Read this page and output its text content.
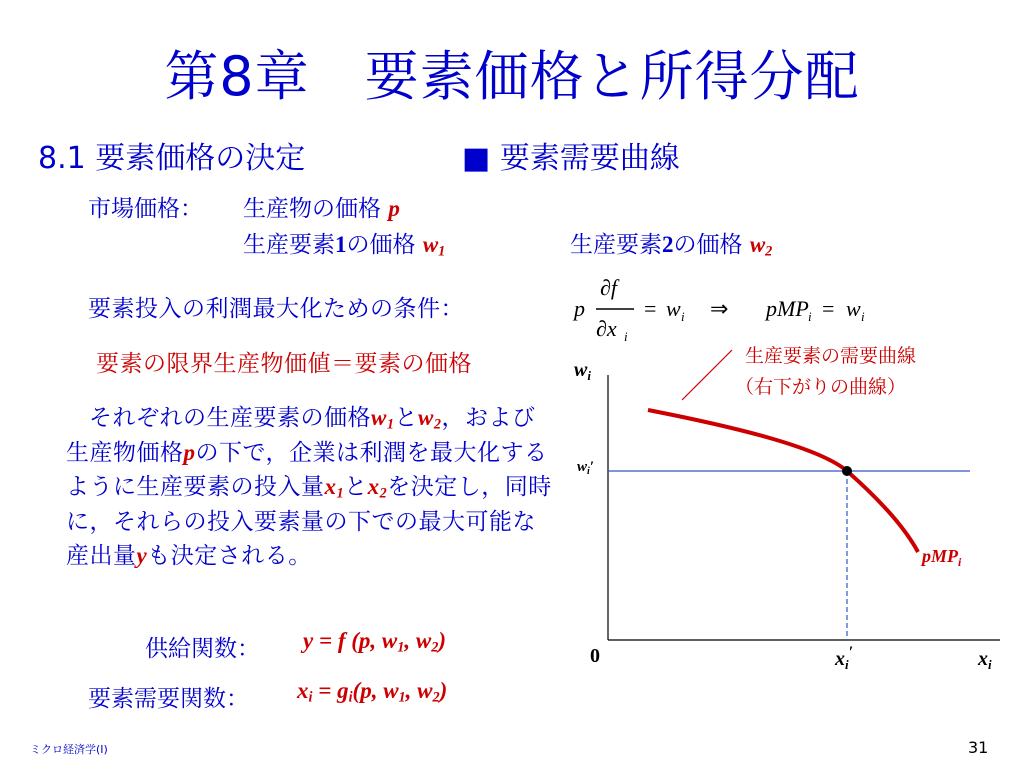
第8章　要素価格と所得分配
8.1 要素価格の決定	■ 要素需要曲線
市場価格： 生産物の価格 p
生産要素1の価格 $w_1$	生産要素2の価格 $w_2$
要素投入の利潤最大化ための条件：	p
∂f
∂x i
= w i ⇒ pMP i = w i
要素の限界生産物価値＝要素の価格
それぞれの生産要素の価格$w_1$と$w_2$，および生産物価格pの下で，企業は利潤を最大化するように生産要素の投入量$x_1$と$x_2$を決定し，同時に，それらの投入要素量の下での最大可能な産出量yも決定される。
供給関数： y = f (p, $w_1$, $w_2$)
要素需要関数： $x_i = g_i(p$, $w_1$, $w_2$)
$w_i$
$w_i'$
0	$x_i'$	$x_i$
pMP$_i$
生産要素の需要曲線
（右下がりの曲線）
ミクロ経済学(Ⅰ)	31
